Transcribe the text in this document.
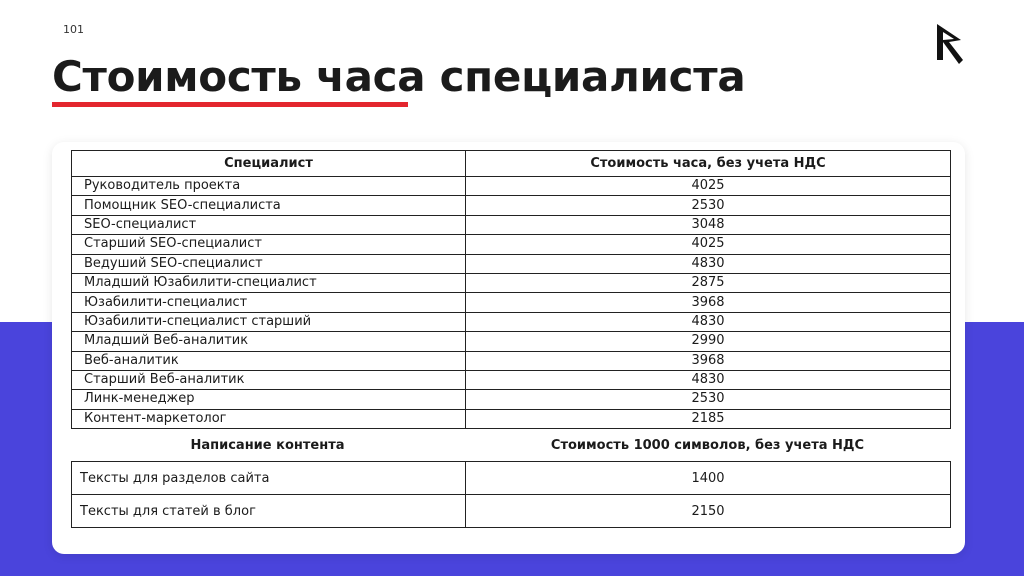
101
Стоимость часа специалиста
Специалист	Стоимость часа, без учета НДС
Руководитель проекта	4025
Помощник SEO-специалиста	2530
SEO-специалист	3048
Старший SEO-специалист	4025
Ведуший SEO-специалист	4830
Младший Юзабилити-специалист	2875
Юзабилити-специалист	3968
Юзабилити-специалист старший	4830
Младший Веб-аналитик	2990
Веб-аналитик	3968
Старший Веб-аналитик	4830
Линк-менеджер	2530
Контент-маркетолог	2185
Написание контента	Стоимость 1000 символов, без учета НДС
Тексты для разделов сайта	1400
Тексты для статей в блог	2150
